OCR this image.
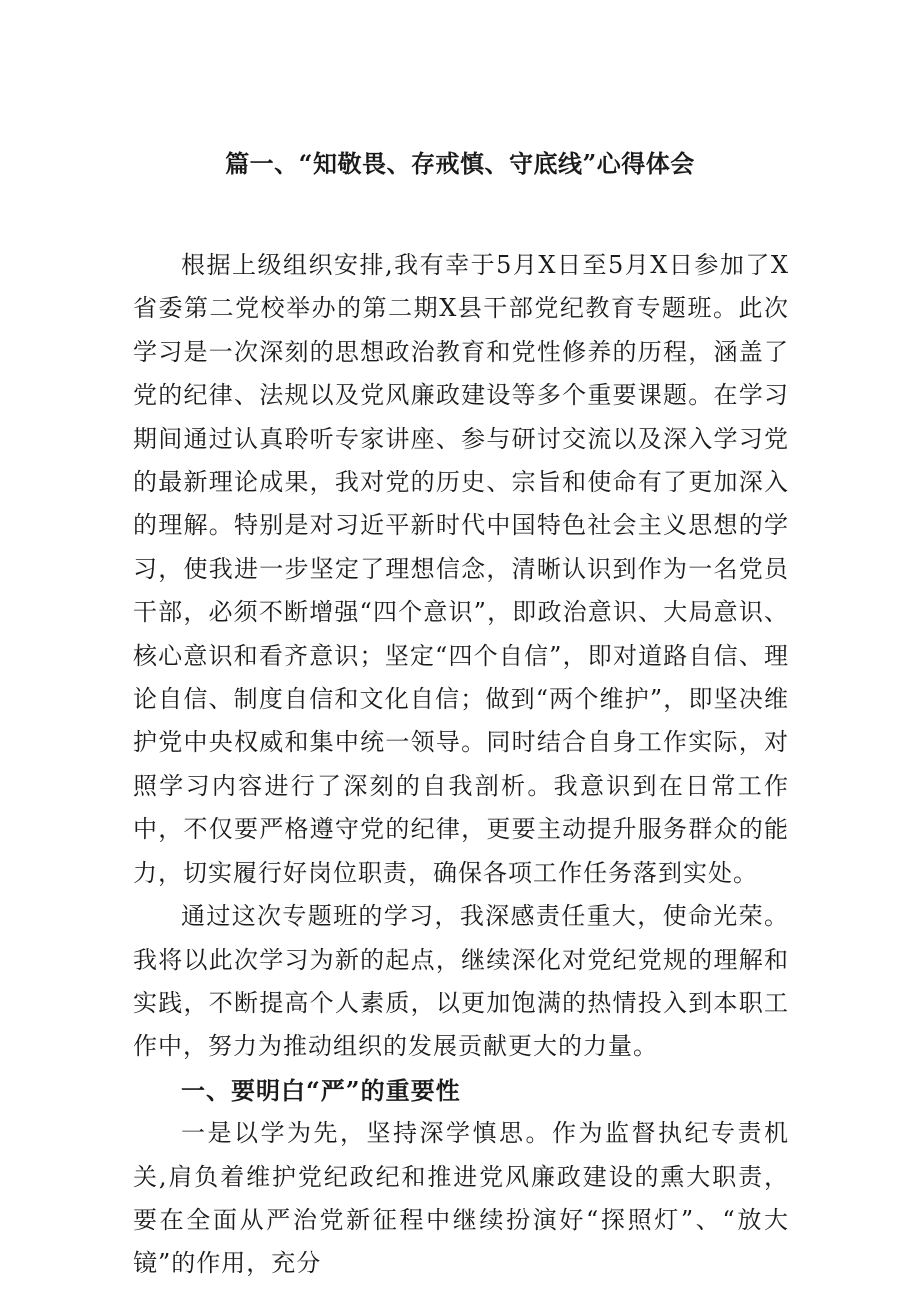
篇一、“知敬畏、存戒慎、守底线”心得体会

根据上级组织安排,我有幸于5月X日至5月X日参加了X省委第二党校举办的第二期X县干部党纪教育专题班。此次学习是一次深刻的思想政治教育和党性修养的历程，涵盖了党的纪律、法规以及党风廉政建设等多个重要课题。在学习期间通过认真聆听专家讲座、参与研讨交流以及深入学习党的最新理论成果，我对党的历史、宗旨和使命有了更加深入的理解。特别是对习近平新时代中国特色社会主义思想的学习，使我进一步坚定了理想信念，清晰认识到作为一名党员干部，必须不断增强“四个意识”，即政治意识、大局意识、核心意识和看齐意识；坚定“四个自信”，即对道路自信、理论自信、制度自信和文化自信；做到“两个维护”，即坚决维护党中央权威和集中统一领导。同时结合自身工作实际，对照学习内容进行了深刻的自我剖析。我意识到在日常工作中，不仅要严格遵守党的纪律，更要主动提升服务群众的能力，切实履行好岗位职责，确保各项工作任务落到实处。

通过这次专题班的学习，我深感责任重大，使命光荣。我将以此次学习为新的起点，继续深化对党纪党规的理解和实践，不断提高个人素质，以更加饱满的热情投入到本职工作中，努力为推动组织的发展贡献更大的力量。

一、要明白“严”的重要性

一是以学为先，坚持深学慎思。作为监督执纪专责机关,肩负着维护党纪政纪和推进党风廉政建设的熏大职责，要在全面从严治党新征程中继续扮演好“探照灯”、“放大镜”的作用，充分
